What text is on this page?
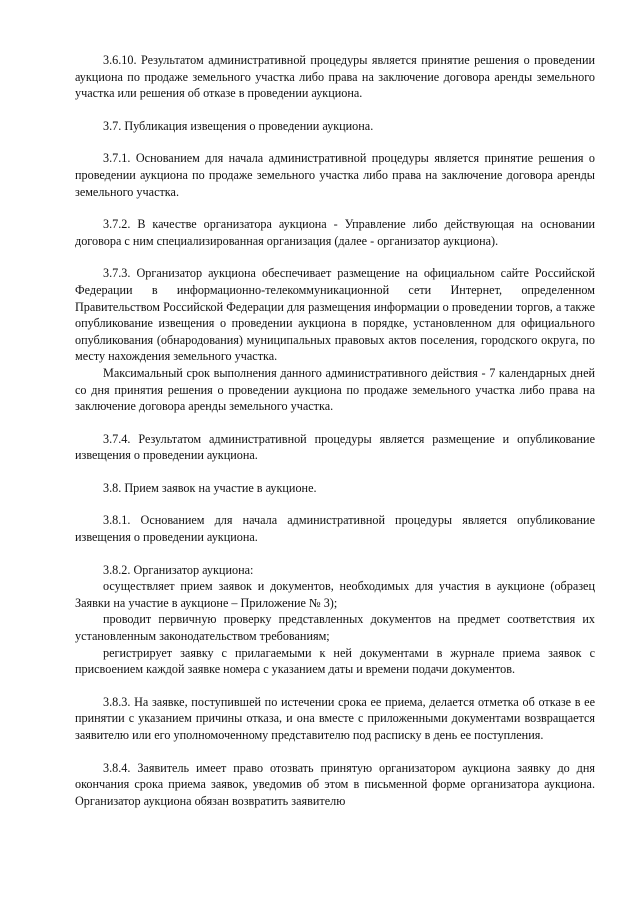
3.6.10. Результатом административной процедуры является принятие решения о проведении аукциона по продаже земельного участка либо права на заключение договора аренды земельного участка или решения об отказе в проведении аукциона.

3.7. Публикация извещения о проведении аукциона.

3.7.1. Основанием для начала административной процедуры является принятие решения о проведении аукциона по продаже земельного участка либо права на заключение договора аренды земельного участка.

3.7.2. В качестве организатора аукциона - Управление либо действующая на основании договора с ним специализированная организация (далее - организатор аукциона).

3.7.3. Организатор аукциона обеспечивает размещение на официальном сайте Российской Федерации в информационно-телекоммуникационной сети Интернет, определенном Правительством Российской Федерации для размещения информации о проведении торгов, а также опубликование извещения о проведении аукциона в порядке, установленном для официального опубликования (обнародования) муниципальных правовых актов поселения, городского округа, по месту нахождения земельного участка.

Максимальный срок выполнения данного административного действия - 7 календарных дней со дня принятия решения о проведении аукциона по продаже земельного участка либо права на заключение договора аренды земельного участка.

3.7.4. Результатом административной процедуры является размещение и опубликование извещения о проведении аукциона.

3.8. Прием заявок на участие в аукционе.

3.8.1. Основанием для начала административной процедуры является опубликование извещения о проведении аукциона.

3.8.2. Организатор аукциона:

осуществляет прием заявок и документов, необходимых для участия в аукционе (образец Заявки на участие в аукционе – Приложение № 3);

проводит первичную проверку представленных документов на предмет соответствия их установленным законодательством требованиям;

регистрирует заявку с прилагаемыми к ней документами в журнале приема заявок с присвоением каждой заявке номера с указанием даты и времени подачи документов.

3.8.3. На заявке, поступившей по истечении срока ее приема, делается отметка об отказе в ее принятии с указанием причины отказа, и она вместе с приложенными документами возвращается заявителю или его уполномоченному представителю под расписку в день ее поступления.

3.8.4. Заявитель имеет право отозвать принятую организатором аукциона заявку до дня окончания срока приема заявок, уведомив об этом в письменной форме организатора аукциона. Организатор аукциона обязан возвратить заявителю
